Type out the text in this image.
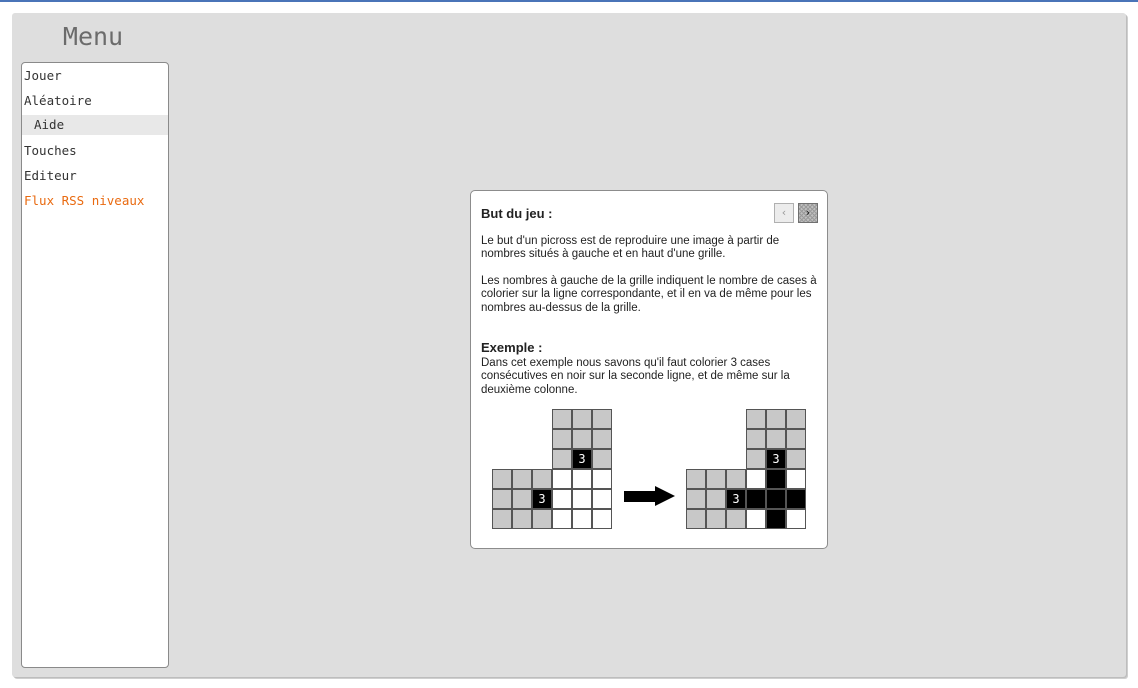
Menu
Jouer
Aléatoire
Aide
Touches
Editeur
Flux RSS niveaux
But du jeu :	‹	›
Le but d'un picross est de reproduire une image à partir de nombres situés à gauche et en haut d'une grille.
Les nombres à gauche de la grille indiquent le nombre de cases à colorier sur la ligne correspondante, et il en va de même pour les nombres au-dessus de la grille.
Exemple :
Dans cet exemple nous savons qu'il faut colorier 3 cases consécutives en noir sur la seconde ligne, et de même sur la deuxième colonne.
3
3
3
3
